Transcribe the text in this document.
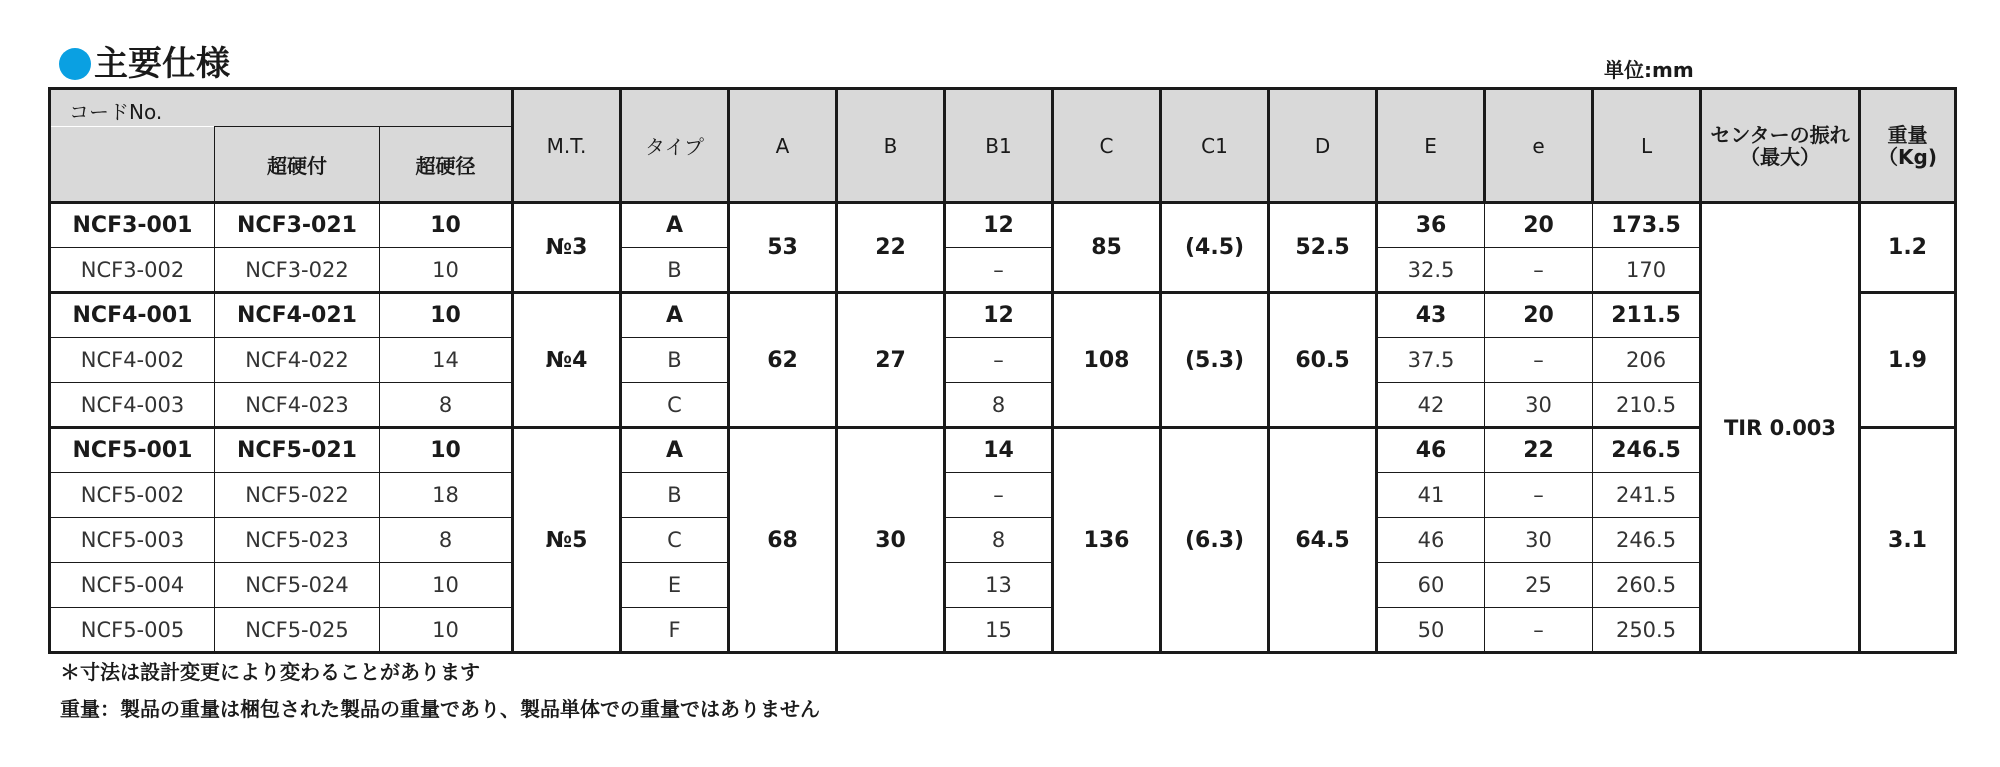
主要仕様	単位:mm
コードNo.			M.T.	タイプ	A	B	B1	C	C1	D	E	e	L	センターの振れ（最大）	重量（Kg)
	超硬付	超硬径													
NCF3-001	NCF3-021	10	№3	A	53	22	12	85	(4.5)	52.5	36	20	173.5	TIR 0.003	1.2
NCF3-002	NCF3-022	10		B			–				32.5	–	170		
NCF4-001	NCF4-021	10	№4	A	62	27	12	108	(5.3)	60.5	43	20	211.5		1.9
NCF4-002	NCF4-022	14		B			–				37.5	–	206		
NCF4-003	NCF4-023	8		C			8				42	30	210.5		
NCF5-001	NCF5-021	10	№5	A	68	30	14	136	(6.3)	64.5	46	22	246.5		3.1
NCF5-002	NCF5-022	18		B			–				41	–	241.5		
NCF5-003	NCF5-023	8		C			8				46	30	246.5		
NCF5-004	NCF5-024	10		E			13				60	25	260.5		
NCF5-005	NCF5-025	10		F			15				50	–	250.5		
＊寸法は設計変更により変わることがあります
重量：製品の重量は梱包された製品の重量であり、製品単体での重量ではありません
